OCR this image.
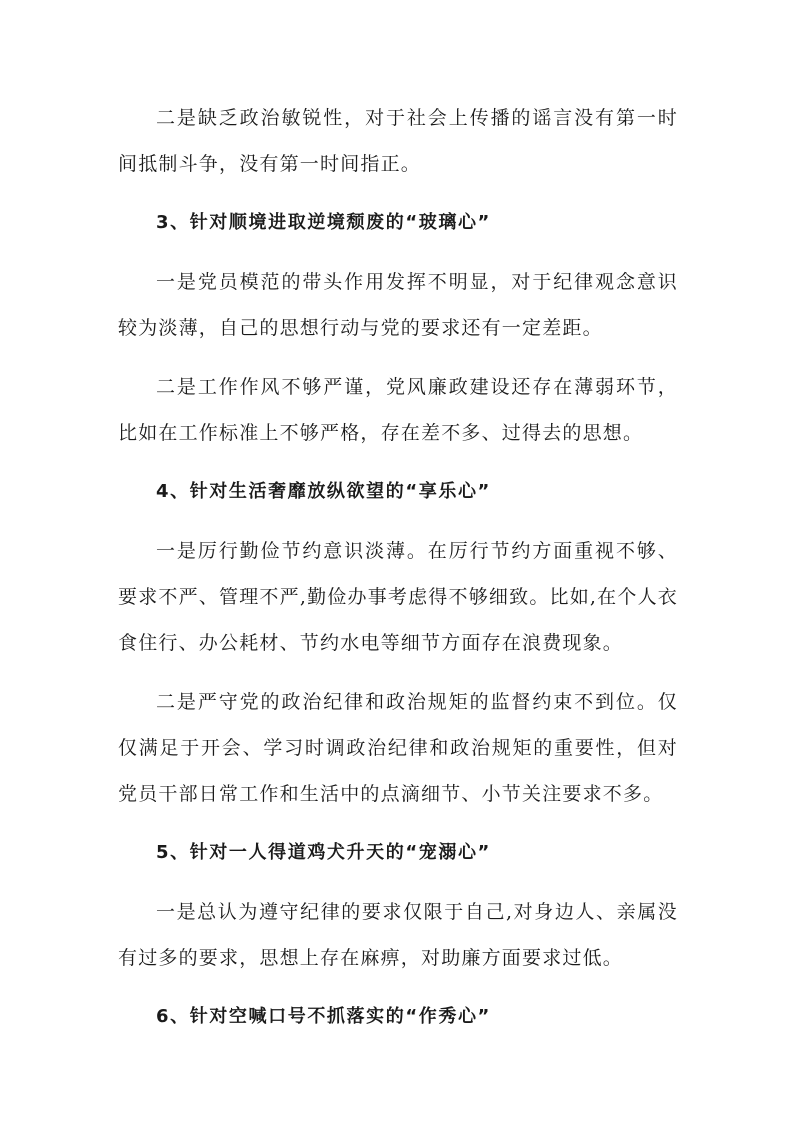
二是缺乏政治敏锐性，对于社会上传播的谣言没有第一时间抵制斗争，没有第一时间指正。

3、针对顺境进取逆境颓废的“玻璃心”

一是党员模范的带头作用发挥不明显，对于纪律观念意识较为淡薄，自己的思想行动与党的要求还有一定差距。

二是工作作风不够严谨，党风廉政建设还存在薄弱环节，比如在工作标准上不够严格，存在差不多、过得去的思想。

4、针对生活奢靡放纵欲望的“享乐心”

一是厉行勤俭节约意识淡薄。在厉行节约方面重视不够、要求不严、管理不严,勤俭办事考虑得不够细致。比如,在个人衣食住行、办公耗材、节约水电等细节方面存在浪费现象。

二是严守党的政治纪律和政治规矩的监督约束不到位。仅仅满足于开会、学习时调政治纪律和政治规矩的重要性，但对党员干部日常工作和生活中的点滴细节、小节关注要求不多。

5、针对一人得道鸡犬升天的“宠溺心”

一是总认为遵守纪律的要求仅限于自己,对身边人、亲属没有过多的要求，思想上存在麻痹，对助廉方面要求过低。

6、针对空喊口号不抓落实的“作秀心”
